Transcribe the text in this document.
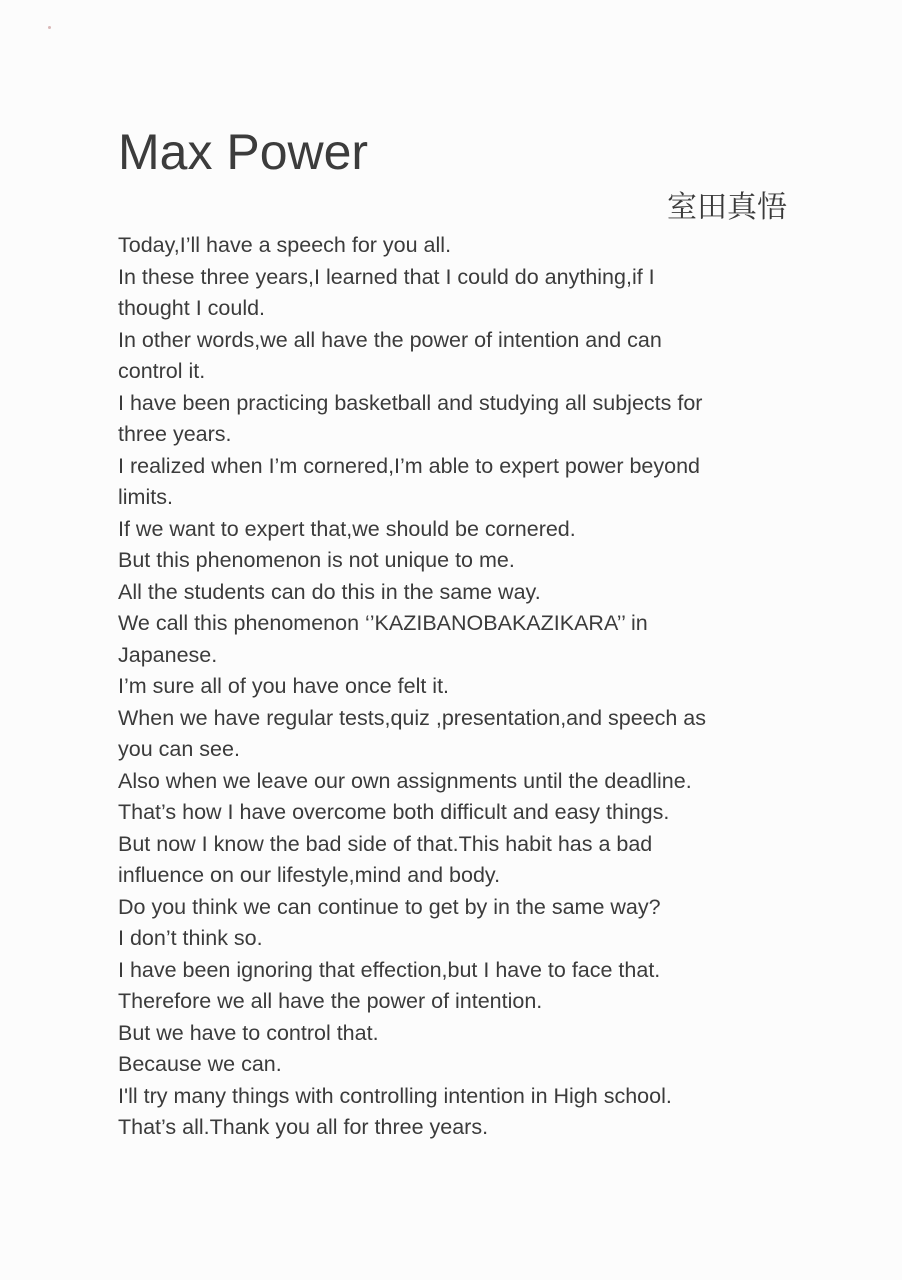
Max Power
室田真悟
Today,I’ll have a speech for you all.
In these three years,I learned that I could do anything,if I
thought I could.
In other words,we all have the power of intention and can
control it.
I have been practicing basketball and studying all subjects for
three years.
I realized when I’m cornered,I’m able to expert power beyond
limits.
If we want to expert that,we should be cornered.
But this phenomenon is not unique to me.
All the students can do this in the same way.
We call this phenomenon ‘’KAZIBANOBAKAZIKARA’’ in
Japanese.
I’m sure all of you have once felt it.
When we have regular tests,quiz ,presentation,and speech as
you can see.
Also when we leave our own assignments until the deadline.
That’s how I have overcome both difficult and easy things.
But now I know the bad side of that.This habit has a bad
influence on our lifestyle,mind and body.
Do you think we can continue to get by in the same way?
I don’t think so.
I have been ignoring that effection,but I have to face that.
Therefore we all have the power of intention.
But we have to control that.
Because we can.
I'll try many things with controlling intention in High school.
That’s all.Thank you all for three years.
